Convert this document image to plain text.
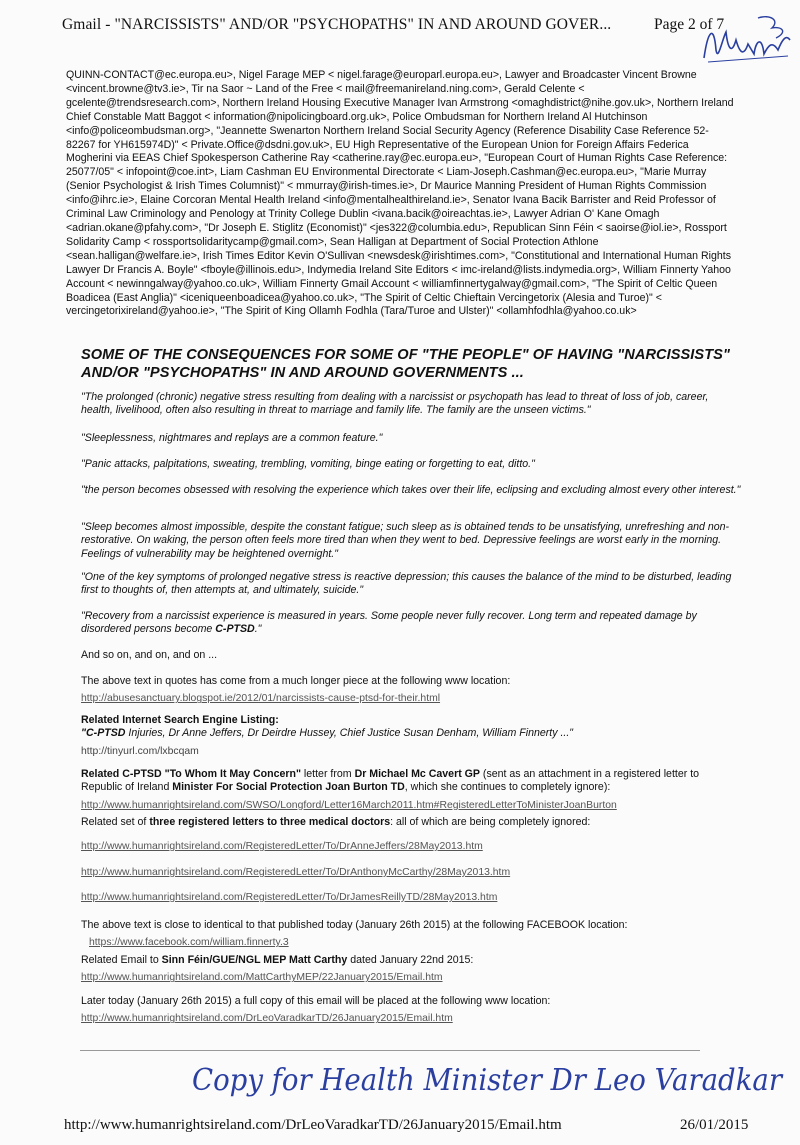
Gmail - "NARCISSISTS" AND/OR "PSYCHOPATHS" IN AND AROUND GOVER...	Page 2 of 7

QUINN-CONTACT@ec.europa.eu>, Nigel Farage MEP < nigel.farage@europarl.europa.eu>, Lawyer and Broadcaster Vincent Browne <vincent.browne@tv3.ie>, Tir na Saor ~ Land of the Free < mail@freemanireland.ning.com>, Gerald Celente < gcelente@trendsresearch.com>, Northern Ireland Housing Executive Manager Ivan Armstrong <omaghdistrict@nihe.gov.uk>, Northern Ireland Chief Constable Matt Baggot < information@nipolicingboard.org.uk>, Police Ombudsman for Northern Ireland Al Hutchinson <info@policeombudsman.org>, "Jeannette Swenarton Northern Ireland Social Security Agency (Reference Disability Case Reference 52-82267 for YH615974D)" < Private.Office@dsdni.gov.uk>, EU High Representative of the European Union for Foreign Affairs Federica Mogherini via EEAS Chief Spokesperson Catherine Ray <catherine.ray@ec.europa.eu>, "European Court of Human Rights Case Reference: 25077/05" < infopoint@coe.int>, Liam Cashman EU Environmental Directorate < Liam-Joseph.Cashman@ec.europa.eu>, "Marie Murray (Senior Psychologist & Irish Times Columnist)" < mmurray@irish-times.ie>, Dr Maurice Manning President of Human Rights Commission <info@ihrc.ie>, Elaine Corcoran Mental Health Ireland <info@mentalhealthireland.ie>, Senator Ivana Bacik Barrister and Reid Professor of Criminal Law Criminology and Penology at Trinity College Dublin <ivana.bacik@oireachtas.ie>, Lawyer Adrian O' Kane Omagh <adrian.okane@pfahy.com>, "Dr Joseph E. Stiglitz (Economist)" <jes322@columbia.edu>, Republican Sinn Féin < saoirse@iol.ie>, Rossport Solidarity Camp < rossportsolidaritycamp@gmail.com>, Sean Halligan at Department of Social Protection Athlone <sean.halligan@welfare.ie>, Irish Times Editor Kevin O'Sullivan <newsdesk@irishtimes.com>, "Constitutional and International Human Rights Lawyer Dr Francis A. Boyle" <fboyle@illinois.edu>, Indymedia Ireland Site Editors < imc-ireland@lists.indymedia.org>, William Finnerty Yahoo Account < newinngalway@yahoo.co.uk>, William Finnerty Gmail Account < williamfinnertygalway@gmail.com>, "The Spirit of Celtic Queen Boadicea (East Anglia)" <iceniqueenboadicea@yahoo.co.uk>, "The Spirit of Celtic Chieftain Vercingetorix (Alesia and Turoe)" < vercingetorixireland@yahoo.ie>, "The Spirit of King Ollamh Fodhla (Tara/Turoe and Ulster)" <ollamhfodhla@yahoo.co.uk>

SOME OF THE CONSEQUENCES FOR SOME OF "THE PEOPLE" OF HAVING "NARCISSISTS" AND/OR "PSYCHOPATHS" IN AND AROUND GOVERNMENTS ...

"The prolonged (chronic) negative stress resulting from dealing with a narcissist or psychopath has lead to threat of loss of job, career, health, livelihood, often also resulting in threat to marriage and family life. The family are the unseen victims."

"Sleeplessness, nightmares and replays are a common feature."

"Panic attacks, palpitations, sweating, trembling, vomiting, binge eating or forgetting to eat, ditto."

"the person becomes obsessed with resolving the experience which takes over their life, eclipsing and excluding almost every other interest."

"Sleep becomes almost impossible, despite the constant fatigue; such sleep as is obtained tends to be unsatisfying, unrefreshing and non-restorative. On waking, the person often feels more tired than when they went to bed. Depressive feelings are worst early in the morning. Feelings of vulnerability may be heightened overnight."

"One of the key symptoms of prolonged negative stress is reactive depression; this causes the balance of the mind to be disturbed, leading first to thoughts of, then attempts at, and ultimately, suicide."

"Recovery from a narcissist experience is measured in years. Some people never fully recover. Long term and repeated damage by disordered persons become C-PTSD."

And so on, and on, and on ...

The above text in quotes has come from a much longer piece at the following www location:

http://abusesanctuary.blogspot.ie/2012/01/narcissists-cause-ptsd-for-their.html

Related Internet Search Engine Listing:

"C-PTSD Injuries, Dr Anne Jeffers, Dr Deirdre Hussey, Chief Justice Susan Denham, William Finnerty ..."

http://tinyurl.com/lxbcqam

Related C-PTSD "To Whom It May Concern" letter from Dr Michael Mc Cavert GP (sent as an attachment in a registered letter to Republic of Ireland Minister For Social Protection Joan Burton TD, which she continues to completely ignore):

http://www.humanrightsireland.com/SWSO/Longford/Letter16March2011.htm#RegisteredLetterToMinisterJoanBurton

Related set of three registered letters to three medical doctors: all of which are being completely ignored:

http://www.humanrightsireland.com/RegisteredLetter/To/DrAnneJeffers/28May2013.htm
http://www.humanrightsireland.com/RegisteredLetter/To/DrAnthonyMcCarthy/28May2013.htm
http://www.humanrightsireland.com/RegisteredLetter/To/DrJamesReillyTD/28May2013.htm

The above text is close to identical to that published today (January 26th 2015) at the following FACEBOOK location:

https://www.facebook.com/william.finnerty.3

Related Email to Sinn Féin/GUE/NGL MEP Matt Carthy dated January 22nd 2015:

http://www.humanrightsireland.com/MattCarthyMEP/22January2015/Email.htm

Later today (January 26th 2015) a full copy of this email will be placed at the following www location:

http://www.humanrightsireland.com/DrLeoVaradkarTD/26January2015/Email.htm
Copy for Health Minister Dr Leo Varadkar
http://www.humanrightsireland.com/DrLeoVaradkarTD/26January2015/Email.htm	26/01/2015
